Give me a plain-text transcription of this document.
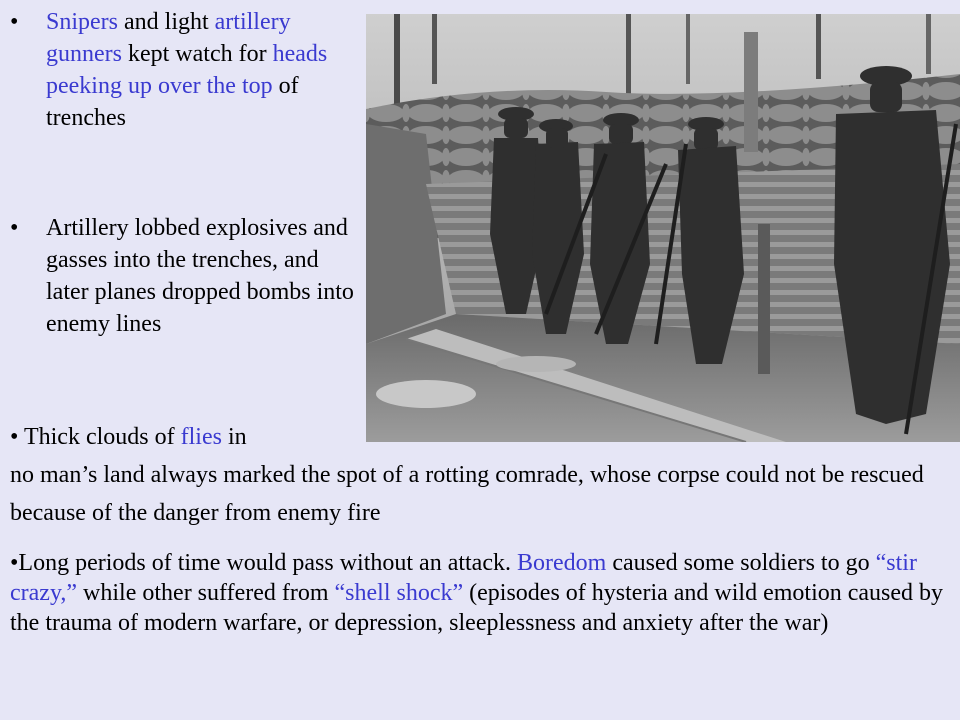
•	Snipers and light artillery gunners kept watch for heads peeking up over the top of trenches
•	Artillery lobbed explosives and gasses into the trenches, and later planes dropped bombs into enemy lines
• Thick clouds of flies in
no man’s land always marked the spot of a rotting comrade, whose corpse could not be rescued because of the danger from enemy fire
•Long periods of time would pass without an attack. Boredom caused some soldiers to go “stir crazy,” while other suffered from “shell shock” (episodes of hysteria and wild emotion caused by the trauma of modern warfare, or depression, sleeplessness and anxiety after the war)
